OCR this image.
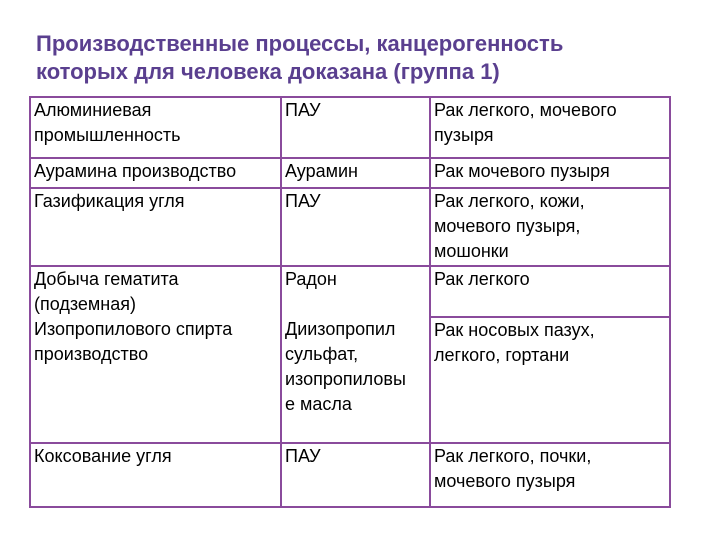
Производственные процессы, канцерогенность
которых для человека доказана (группа 1)
Алюминиевая
промышленность	ПАУ	Рак легкого, мочевого
пузыря

Аурамина производство	Аурамин	Рак мочевого пузыря

Газификация угля	ПАУ	Рак легкого, кожи,
мочевого пузыря,
мошонки

Добыча гематита
(подземная)	Радон	Рак легкого

Изопропилового спирта
производство	Диизопропил
сульфат,
изопропиловы
е масла	Рак носовых пазух,
легкого, гортани

Коксование угля	ПАУ	Рак легкого, почки,
мочевого пузыря
